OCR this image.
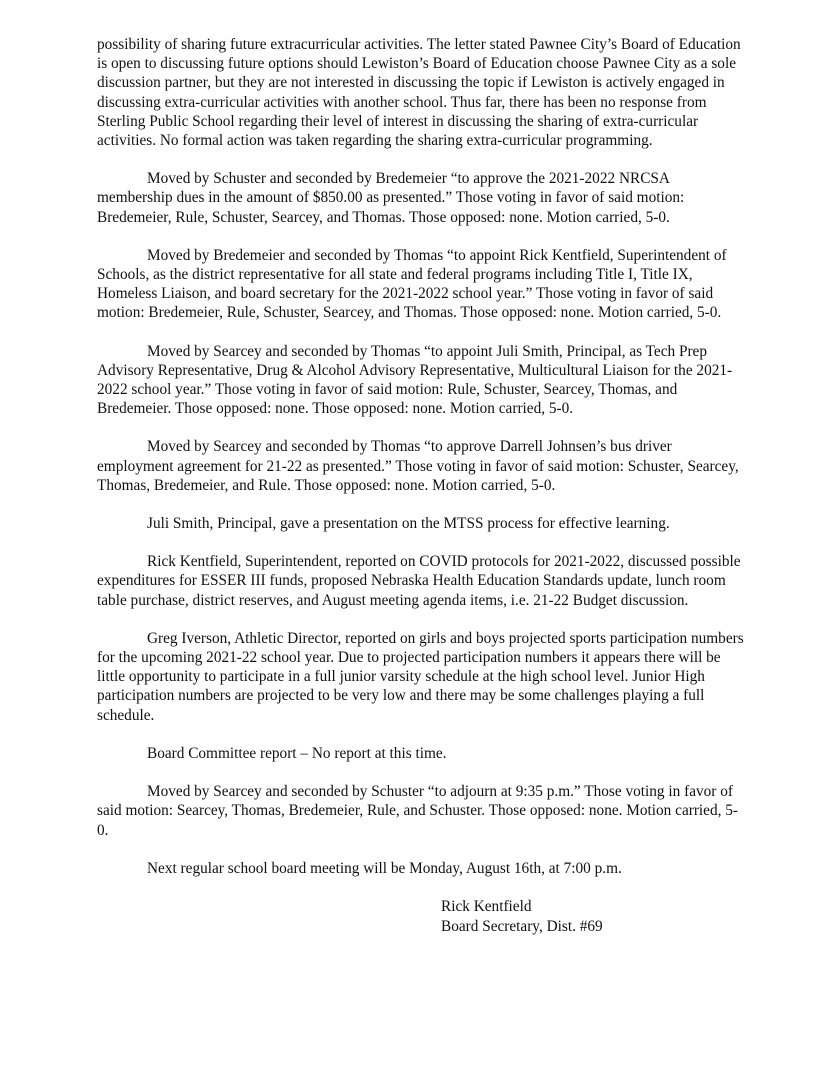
possibility of sharing future extracurricular activities. The letter stated Pawnee City’s Board of Education is open to discussing future options should Lewiston’s Board of Education choose Pawnee City as a sole discussion partner, but they are not interested in discussing the topic if Lewiston is actively engaged in discussing extra-curricular activities with another school. Thus far, there has been no response from Sterling Public School regarding their level of interest in discussing the sharing of extra-curricular activities. No formal action was taken regarding the sharing extra-curricular programming.

Moved by Schuster and seconded by Bredemeier “to approve the 2021-2022 NRCSA membership dues in the amount of $850.00 as presented.” Those voting in favor of said motion: Bredemeier, Rule, Schuster, Searcey, and Thomas. Those opposed: none. Motion carried, 5-0.

Moved by Bredemeier and seconded by Thomas “to appoint Rick Kentfield, Superintendent of Schools, as the district representative for all state and federal programs including Title I, Title IX, Homeless Liaison, and board secretary for the 2021-2022 school year.” Those voting in favor of said motion: Bredemeier, Rule, Schuster, Searcey, and Thomas. Those opposed: none. Motion carried, 5-0.

Moved by Searcey and seconded by Thomas “to appoint Juli Smith, Principal, as Tech Prep Advisory Representative, Drug & Alcohol Advisory Representative, Multicultural Liaison for the 2021-2022 school year.” Those voting in favor of said motion: Rule, Schuster, Searcey, Thomas, and Bredemeier. Those opposed: none. Those opposed: none. Motion carried, 5-0.

Moved by Searcey and seconded by Thomas “to approve Darrell Johnsen’s bus driver employment agreement for 21-22 as presented.” Those voting in favor of said motion: Schuster, Searcey, Thomas, Bredemeier, and Rule. Those opposed: none. Motion carried, 5-0.

Juli Smith, Principal, gave a presentation on the MTSS process for effective learning.

Rick Kentfield, Superintendent, reported on COVID protocols for 2021-2022, discussed possible expenditures for ESSER III funds, proposed Nebraska Health Education Standards update, lunch room table purchase, district reserves, and August meeting agenda items, i.e. 21-22 Budget discussion.

Greg Iverson, Athletic Director, reported on girls and boys projected sports participation numbers for the upcoming 2021-22 school year. Due to projected participation numbers it appears there will be little opportunity to participate in a full junior varsity schedule at the high school level. Junior High participation numbers are projected to be very low and there may be some challenges playing a full schedule.

Board Committee report – No report at this time.

Moved by Searcey and seconded by Schuster “to adjourn at 9:35 p.m.” Those voting in favor of said motion: Searcey, Thomas, Bredemeier, Rule, and Schuster. Those opposed: none. Motion carried, 5-0.

Next regular school board meeting will be Monday, August 16th, at 7:00 p.m.

Rick Kentfield
Board Secretary, Dist. #69
